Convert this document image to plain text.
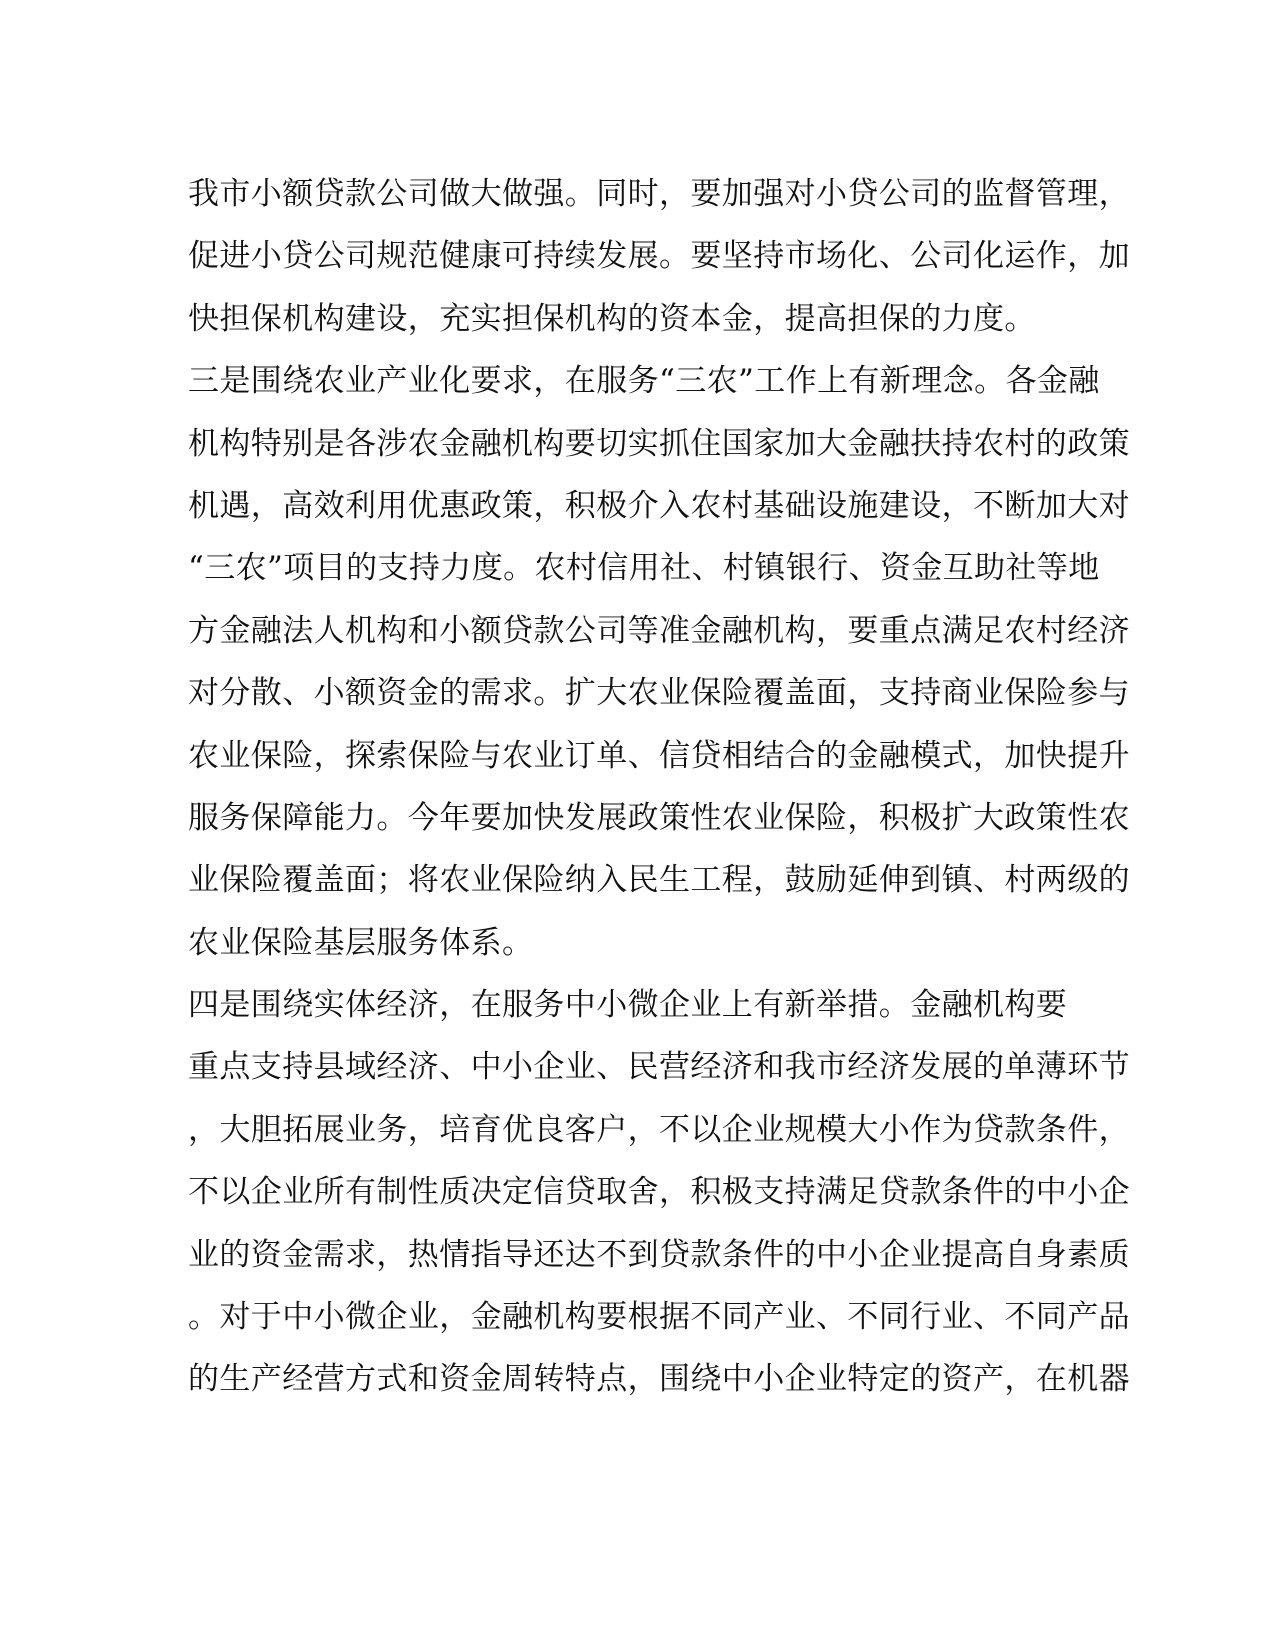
我市小额贷款公司做大做强。同时，要加强对小贷公司的监督管理，
促进小贷公司规范健康可持续发展。要坚持市场化、公司化运作，加
快担保机构建设，充实担保机构的资本金，提高担保的力度。
三是围绕农业产业化要求，在服务“三农”工作上有新理念。各金融
机构特别是各涉农金融机构要切实抓住国家加大金融扶持农村的政策
机遇，高效利用优惠政策，积极介入农村基础设施建设，不断加大对
“三农”项目的支持力度。农村信用社、村镇银行、资金互助社等地
方金融法人机构和小额贷款公司等准金融机构，要重点满足农村经济
对分散、小额资金的需求。扩大农业保险覆盖面，支持商业保险参与
农业保险，探索保险与农业订单、信贷相结合的金融模式，加快提升
服务保障能力。今年要加快发展政策性农业保险，积极扩大政策性农
业保险覆盖面；将农业保险纳入民生工程，鼓励延伸到镇、村两级的
农业保险基层服务体系。
四是围绕实体经济，在服务中小微企业上有新举措。金融机构要
重点支持县域经济、中小企业、民营经济和我市经济发展的单薄环节
，大胆拓展业务，培育优良客户，不以企业规模大小作为贷款条件，
不以企业所有制性质决定信贷取舍，积极支持满足贷款条件的中小企
业的资金需求，热情指导还达不到贷款条件的中小企业提高自身素质
。对于中小微企业，金融机构要根据不同产业、不同行业、不同产品
的生产经营方式和资金周转特点，围绕中小企业特定的资产，在机器
